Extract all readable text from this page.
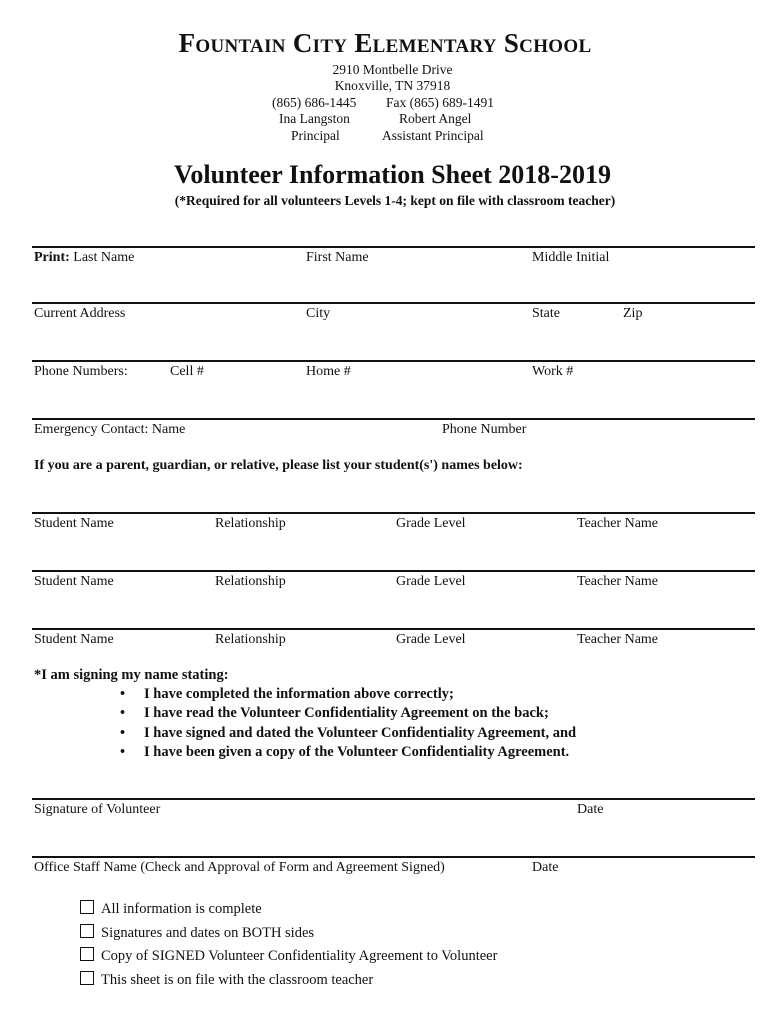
Fountain City Elementary School
2910 Montbelle Drive
Knoxville, TN 37918
(865) 686-1445 Fax (865) 689-1491
Ina Langston	Robert Angel
Principal	Assistant Principal
Volunteer Information Sheet 2018-2019
(*Required for all volunteers Levels 1-4; kept on file with classroom teacher)
Print: Last Name	First Name	Middle Initial
Current Address	City	State	Zip
Phone Numbers:	Cell #	Home #	Work #
Emergency Contact: Name	Phone Number
If you are a parent, guardian, or relative, please list your student(s') names below:
Student Name	Relationship	Grade Level	Teacher Name
Student Name	Relationship	Grade Level	Teacher Name
Student Name	Relationship	Grade Level	Teacher Name
*I am signing my name stating:
• I have completed the information above correctly;
• I have read the Volunteer Confidentiality Agreement on the back;
• I have signed and dated the Volunteer Confidentiality Agreement, and
• I have been given a copy of the Volunteer Confidentiality Agreement.
Signature of Volunteer	Date
Office Staff Name (Check and Approval of Form and Agreement Signed)	Date
All information is complete
Signatures and dates on BOTH sides
Copy of SIGNED Volunteer Confidentiality Agreement to Volunteer
This sheet is on file with the classroom teacher
